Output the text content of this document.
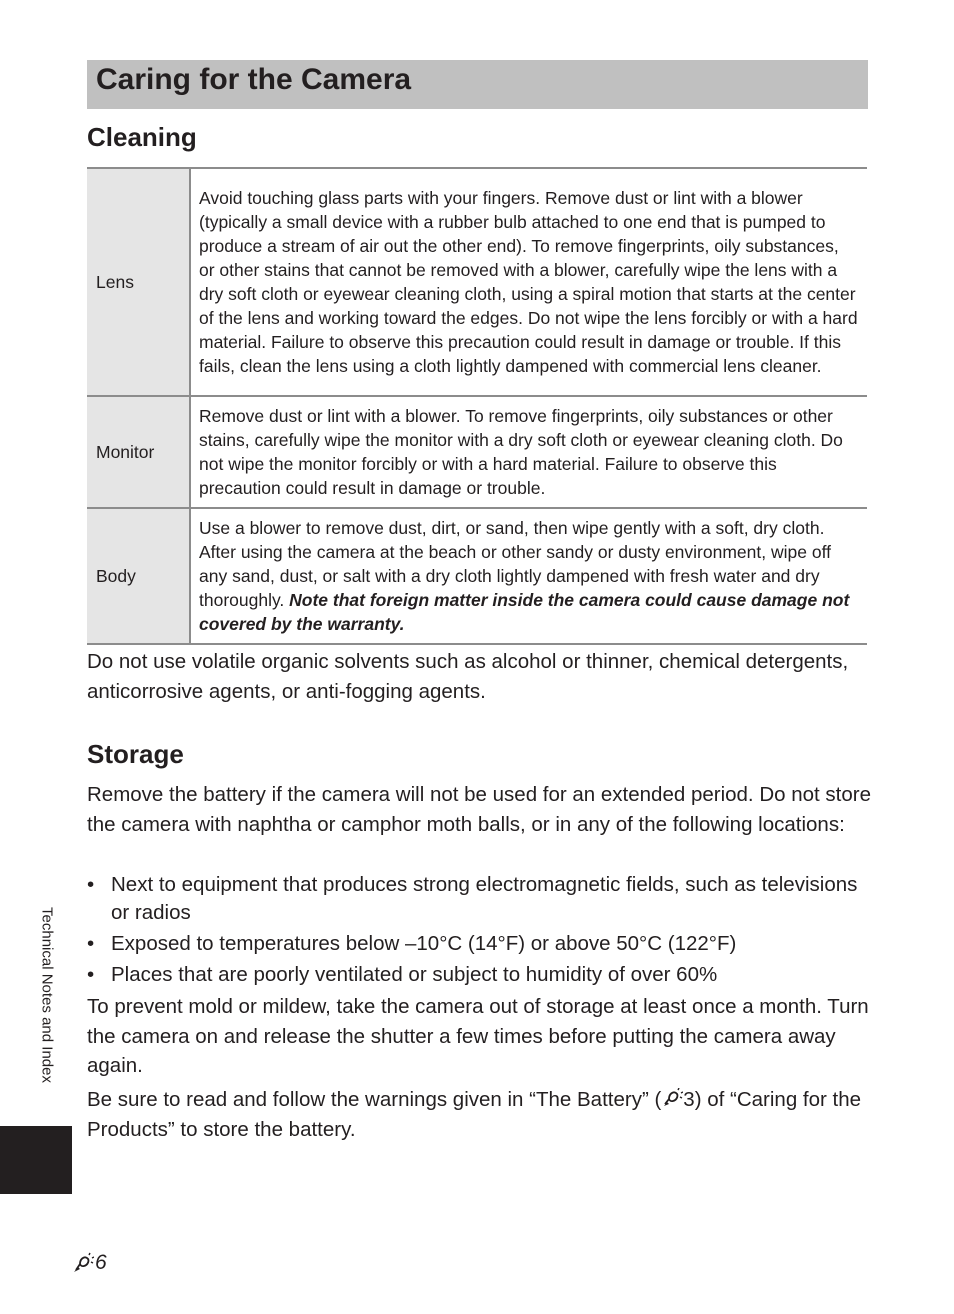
Caring for the Camera
Cleaning
Lens	Avoid touching glass parts with your fingers. Remove dust or lint with a blower (typically a small device with a rubber bulb attached to one end that is pumped to produce a stream of air out the other end). To remove fingerprints, oily substances, or other stains that cannot be removed with a blower, carefully wipe the lens with a dry soft cloth or eyewear cleaning cloth, using a spiral motion that starts at the center of the lens and working toward the edges. Do not wipe the lens forcibly or with a hard material. Failure to observe this precaution could result in damage or trouble. If this fails, clean the lens using a cloth lightly dampened with commercial lens cleaner.
Monitor	Remove dust or lint with a blower. To remove fingerprints, oily substances or other stains, carefully wipe the monitor with a dry soft cloth or eyewear cleaning cloth. Do not wipe the monitor forcibly or with a hard material. Failure to observe this precaution could result in damage or trouble.
Body	Use a blower to remove dust, dirt, or sand, then wipe gently with a soft, dry cloth. After using the camera at the beach or other sandy or dusty environment, wipe off any sand, dust, or salt with a dry cloth lightly dampened with fresh water and dry thoroughly. Note that foreign matter inside the camera could cause damage not covered by the warranty.

Do not use volatile organic solvents such as alcohol or thinner, chemical detergents, anticorrosive agents, or anti-fogging agents.

Storage

Remove the battery if the camera will not be used for an extended period. Do not store the camera with naphtha or camphor moth balls, or in any of the following locations:

• Next to equipment that produces strong electromagnetic fields, such as televisions or radios
• Exposed to temperatures below –10°C (14°F) or above 50°C (122°F)
• Places that are poorly ventilated or subject to humidity of over 60%

To prevent mold or mildew, take the camera out of storage at least once a month. Turn the camera on and release the shutter a few times before putting the camera away again.

Be sure to read and follow the warnings given in “The Battery” ( 3) of “Caring for the Products” to store the battery.

Technical Notes and Index
6
